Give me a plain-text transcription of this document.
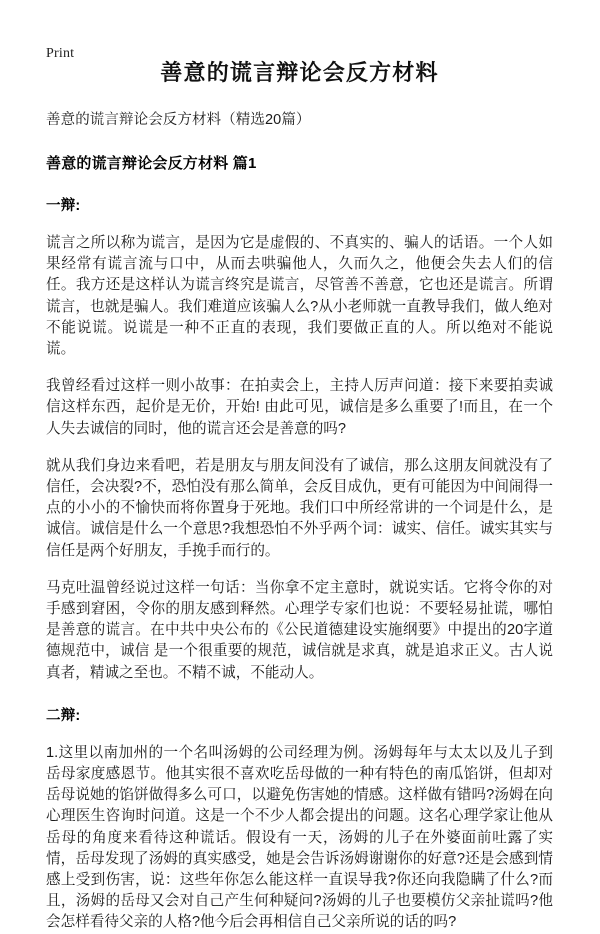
Print
善意的谎言辩论会反方材料

善意的谎言辩论会反方材料（精选20篇）

善意的谎言辩论会反方材料 篇1
一辩:

谎言之所以称为谎言，是因为它是虚假的、不真实的、骗人的话语。一个人如果经常有谎言流与口中，从而去哄骗他人，久而久之，他便会失去人们的信任。我方还是这样认为谎言终究是谎言，尽管善不善意，它也还是谎言。所谓谎言，也就是骗人。我们难道应该骗人么?从小老师就一直教导我们，做人绝对不能说谎。说谎是一种不正直的表现，我们要做正直的人。所以绝对不能说谎。

我曾经看过这样一则小故事：在拍卖会上，主持人厉声问道：接下来要拍卖诚信这样东西，起价是无价，开始! 由此可见，诚信是多么重要了!而且，在一个人失去诚信的同时，他的谎言还会是善意的吗?

就从我们身边来看吧，若是朋友与朋友间没有了诚信，那么这朋友间就没有了信任，会决裂?不，恐怕没有那么简单，会反目成仇，更有可能因为中间闹得一点的小小的不愉快而将你置身于死地。我们口中所经常讲的一个词是什么，是诚信。诚信是什么一个意思?我想恐怕不外乎两个词：诚实、信任。诚实其实与信任是两个好朋友，手挽手而行的。

马克吐温曾经说过这样一句话：当你拿不定主意时，就说实话。它将令你的对手感到窘困，令你的朋友感到释然。心理学专家们也说：不要轻易扯谎，哪怕是善意的谎言。在中共中央公布的《公民道德建设实施纲要》中提出的20字道德规范中，诚信 是一个很重要的规范，诚信就是求真，就是追求正义。古人说真者，精诚之至也。不精不诚，不能动人。

二辩:

1.这里以南加州的一个名叫汤姆的公司经理为例。汤姆每年与太太以及儿子到岳母家度感恩节。他其实很不喜欢吃岳母做的一种有特色的南瓜馅饼，但却对岳母说她的馅饼做得多么可口，以避免伤害她的情感。这样做有错吗?汤姆在向心理医生咨询时问道。这是一个不少人都会提出的问题。这名心理学家让他从岳母的角度来看待这种谎话。假设有一天，汤姆的儿子在外婆面前吐露了实情，岳母发现了汤姆的真实感受，她是会告诉汤姆谢谢你的好意?还是会感到情感上受到伤害，说：这些年你怎么能这样一直误导我?你还向我隐瞒了什么?而且，汤姆的岳母又会对自己产生何种疑问?汤姆的儿子也要模仿父亲扯谎吗?他会怎样看待父亲的人格?他今后会再相信自己父亲所说的话的吗?
